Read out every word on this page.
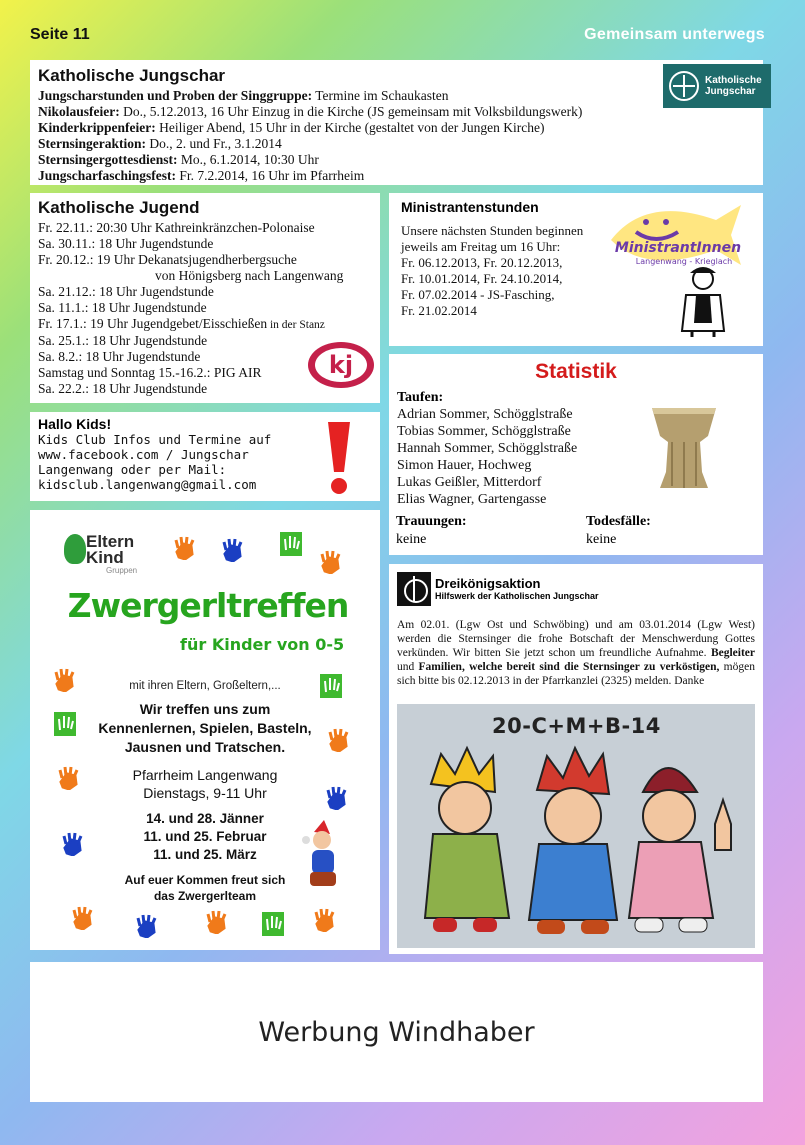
Seite 11	Gemeinsam unterwegs
Katholische Jungschar
Jungscharstunden und Proben der Singgruppe: Termine im Schaukasten
Nikolausfeier: Do., 5.12.2013, 16 Uhr Einzug in die Kirche (JS gemeinsam mit Volksbildungswerk)
Kinderkrippenfeier: Heiliger Abend, 15 Uhr in der Kirche (gestaltet von der Jungen Kirche)
Sternsingeraktion: Do., 2. und Fr., 3.1.2014
Sternsingergottesdienst: Mo., 6.1.2014, 10:30 Uhr
Jungscharfaschingsfest: Fr. 7.2.2014, 16 Uhr im Pfarrheim
Katholische
Jungschar
Katholische Jugend
Fr. 22.11.: 20:30 Uhr Kathreinkränzchen-Polonaise
Sa. 30.11.: 18 Uhr Jugendstunde
Fr. 20.12.: 19 Uhr Dekanatsjugendherbergsuche
von Hönigsberg nach Langenwang
Sa. 21.12.: 18 Uhr Jugendstunde
Sa. 11.1.: 18 Uhr Jugendstunde
Fr. 17.1.: 19 Uhr Jugendgebet/Eisschießen in der Stanz
Sa. 25.1.: 18 Uhr Jugendstunde
Sa. 8.2.: 18 Uhr Jugendstunde
Samstag und Sonntag 15.-16.2.: PIG AIR
Sa. 22.2.: 18 Uhr Jugendstunde
kj
Ministrantenstunden
Unsere nächsten Stunden beginnen
jeweils am Freitag um 16 Uhr:
Fr. 06.12.2013, Fr. 20.12.2013,
Fr. 10.01.2014, Fr. 24.10.2014,
Fr. 07.02.2014 - JS-Fasching,
Fr. 21.02.2014
MinistrantInnen
Langenwang - Krieglach
Hallo Kids!
Kids Club Infos und Termine auf
www.facebook.com / Jungschar
Langenwang oder per Mail:
kidsclub.langenwang@gmail.com
Statistik
Taufen:
Adrian Sommer, Schögglstraße
Tobias Sommer, Schögglstraße
Hannah Sommer, Schögglstraße
Simon Hauer, Hochweg
Lukas Geißler, Mitterdorf
Elias Wagner, Gartengasse
Trauungen:
keine
Todesfälle:
keine
Eltern
Kind
Gruppen
Zwergerltreffen
für Kinder von 0-5
mit ihren Eltern, Großeltern,...
Wir treffen uns zum
Kennenlernen, Spielen, Basteln,
Jausnen und Tratschen.
Pfarrheim Langenwang
Dienstags, 9-11 Uhr
14. und 28. Jänner
11. und 25. Februar
11. und 25. März
Auf euer Kommen freut sich
das Zwergerlteam
Dreikönigsaktion
Hilfswerk der Katholischen Jungschar
Am 02.01. (Lgw Ost und Schwöbing) und am 03.01.2014 (Lgw West) werden die Sternsinger die frohe Botschaft der Menschwerdung Gottes verkünden. Wir bitten Sie jetzt schon um freundliche Aufnahme. Begleiter und Familien, welche bereit sind die Sternsinger zu verköstigen, mögen sich bitte bis 02.12.2013 in der Pfarrkanzlei (2325) melden. Danke
20-C+M+B-14
Werbung Windhaber
